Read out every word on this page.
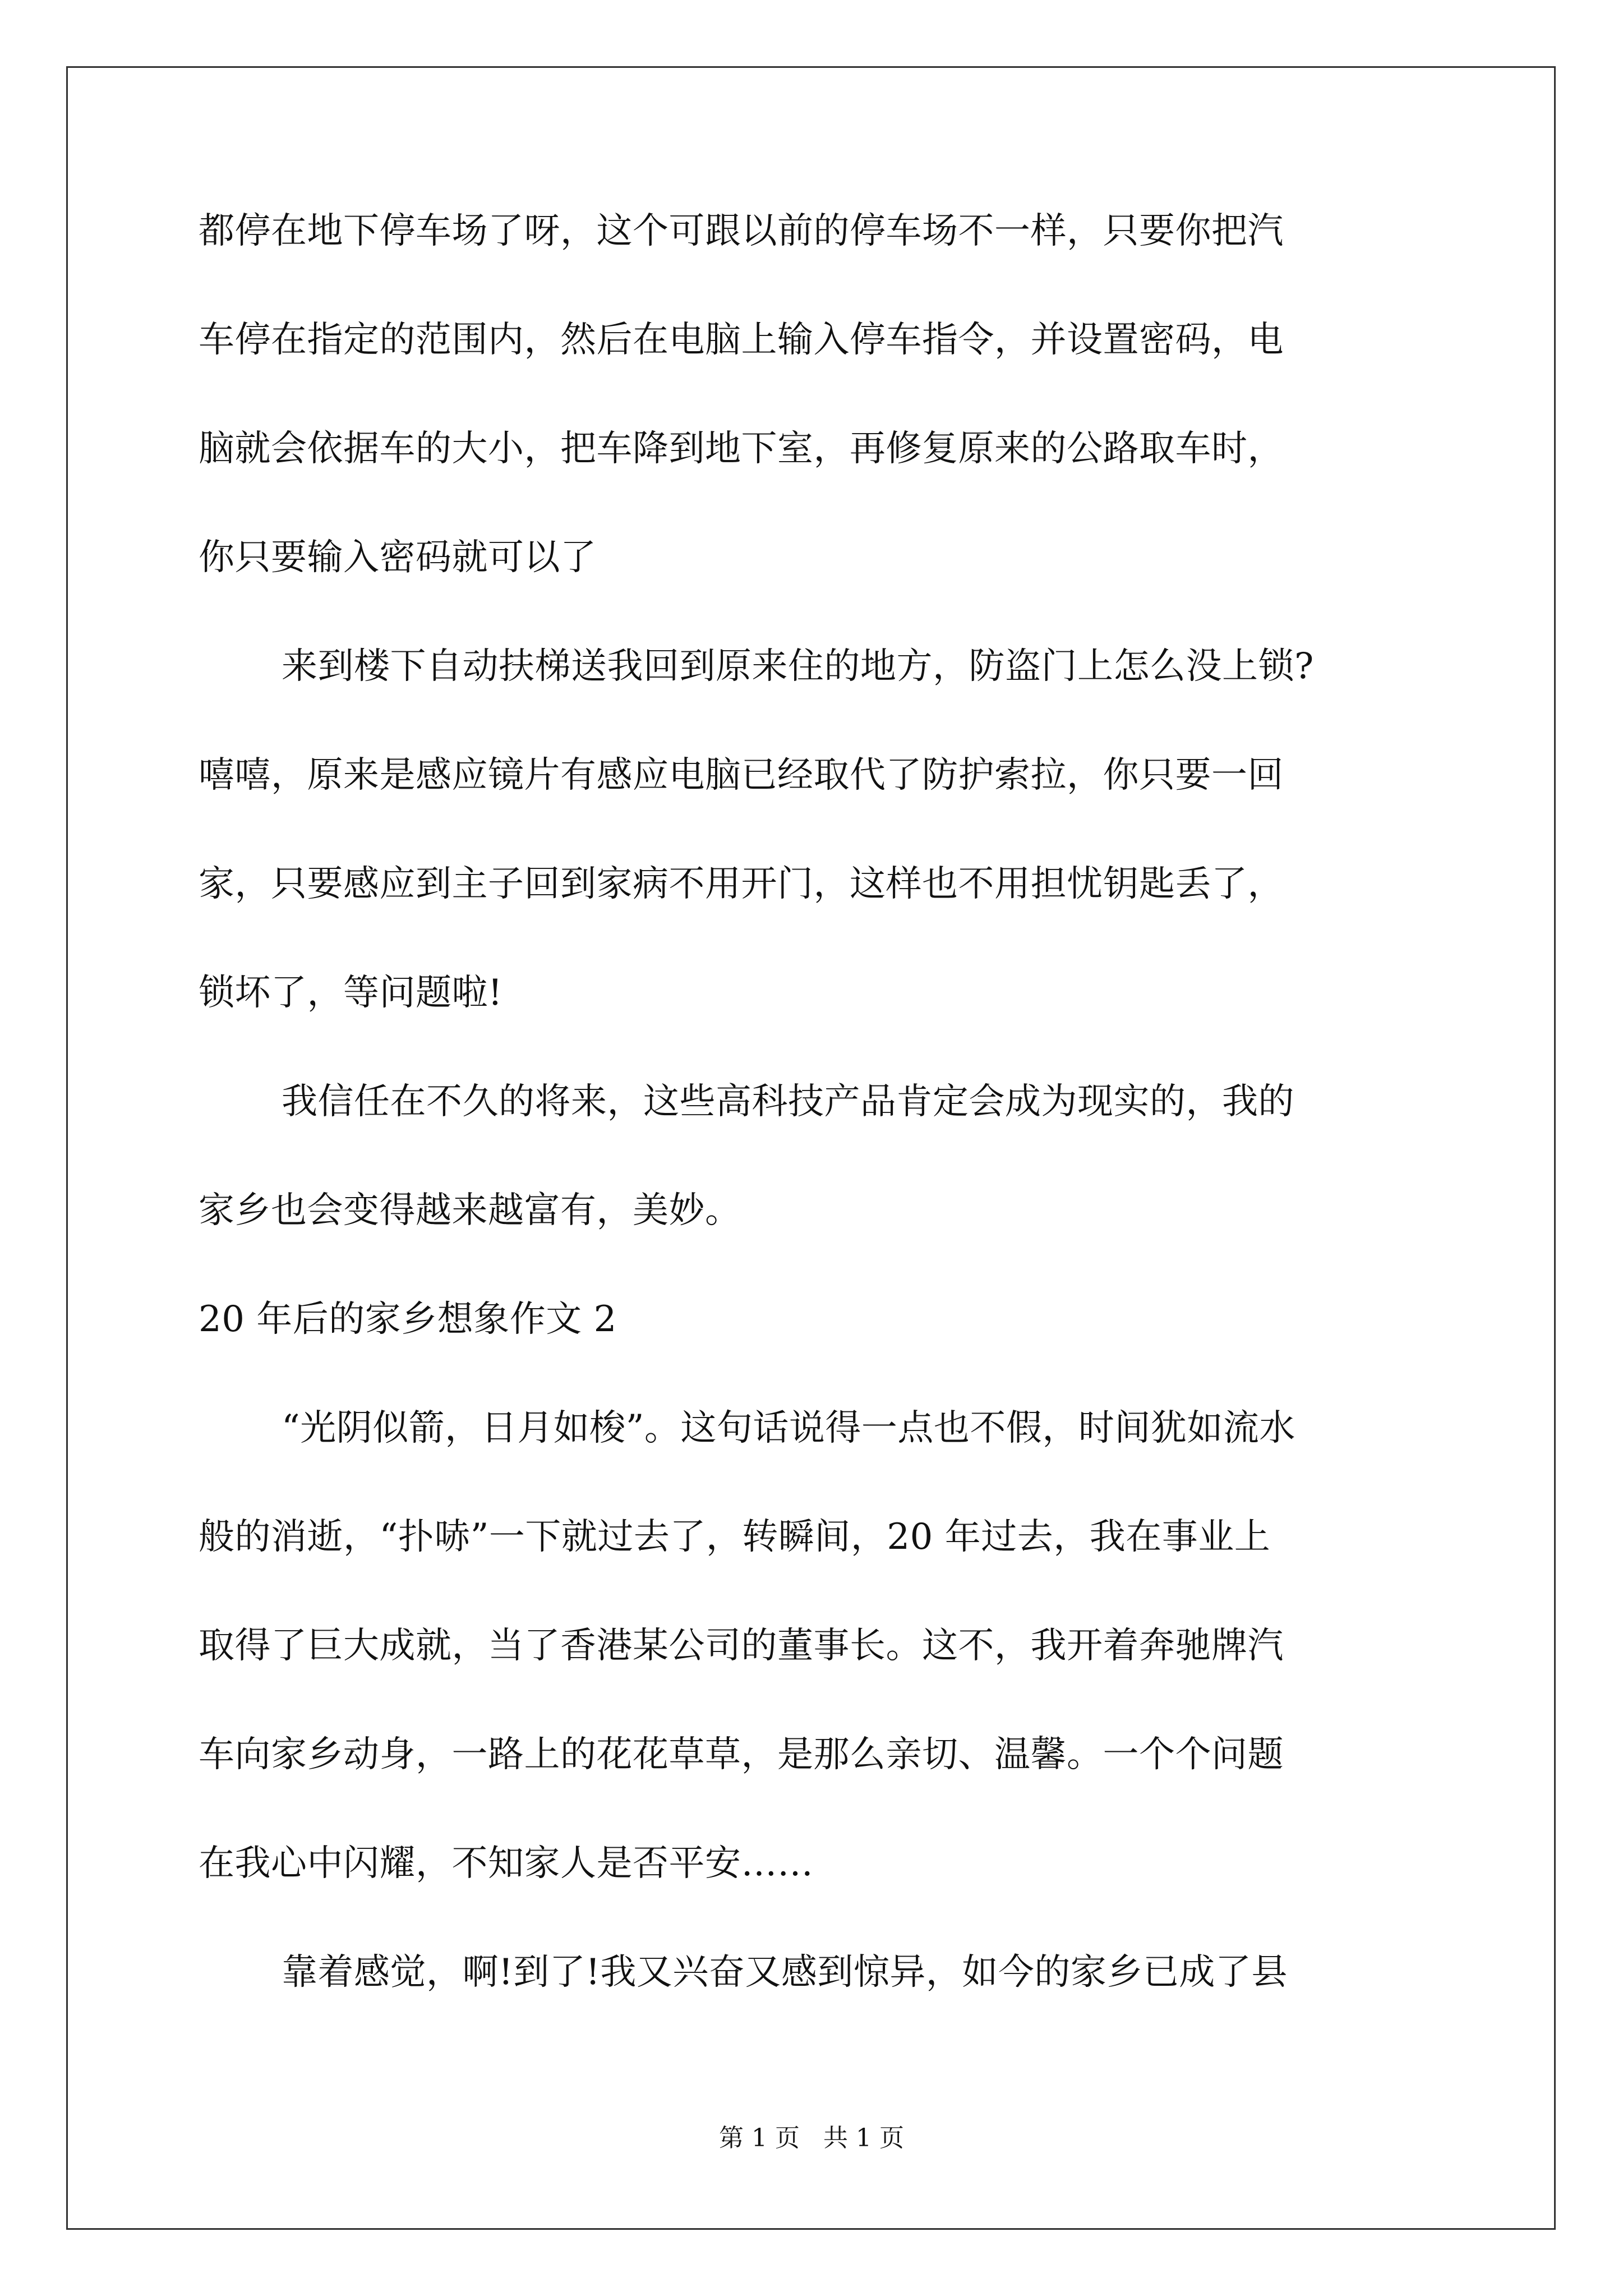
都停在地下停车场了呀，这个可跟以前的停车场不一样，只要你把汽
车停在指定的范围内，然后在电脑上输入停车指令，并设置密码，电
脑就会依据车的大小，把车降到地下室，再修复原来的公路取车时，
你只要输入密码就可以了
来到楼下自动扶梯送我回到原来住的地方，防盗门上怎么没上锁?
嘻嘻，原来是感应镜片有感应电脑已经取代了防护索拉，你只要一回
家，只要感应到主子回到家病不用开门，这样也不用担忧钥匙丢了，
锁坏了，等问题啦!
我信任在不久的将来，这些高科技产品肯定会成为现实的，我的
家乡也会变得越来越富有，美妙。
20 年后的家乡想象作文 2
“光阴似箭，日月如梭”。这句话说得一点也不假，时间犹如流水
般的消逝，“扑哧”一下就过去了，转瞬间，20 年过去，我在事业上
取得了巨大成就，当了香港某公司的董事长。这不，我开着奔驰牌汽
车向家乡动身，一路上的花花草草，是那么亲切、温馨。一个个问题
在我心中闪耀，不知家人是否平安……
靠着感觉，啊!到了!我又兴奋又感到惊异，如今的家乡已成了县
第 1 页 共 1 页
